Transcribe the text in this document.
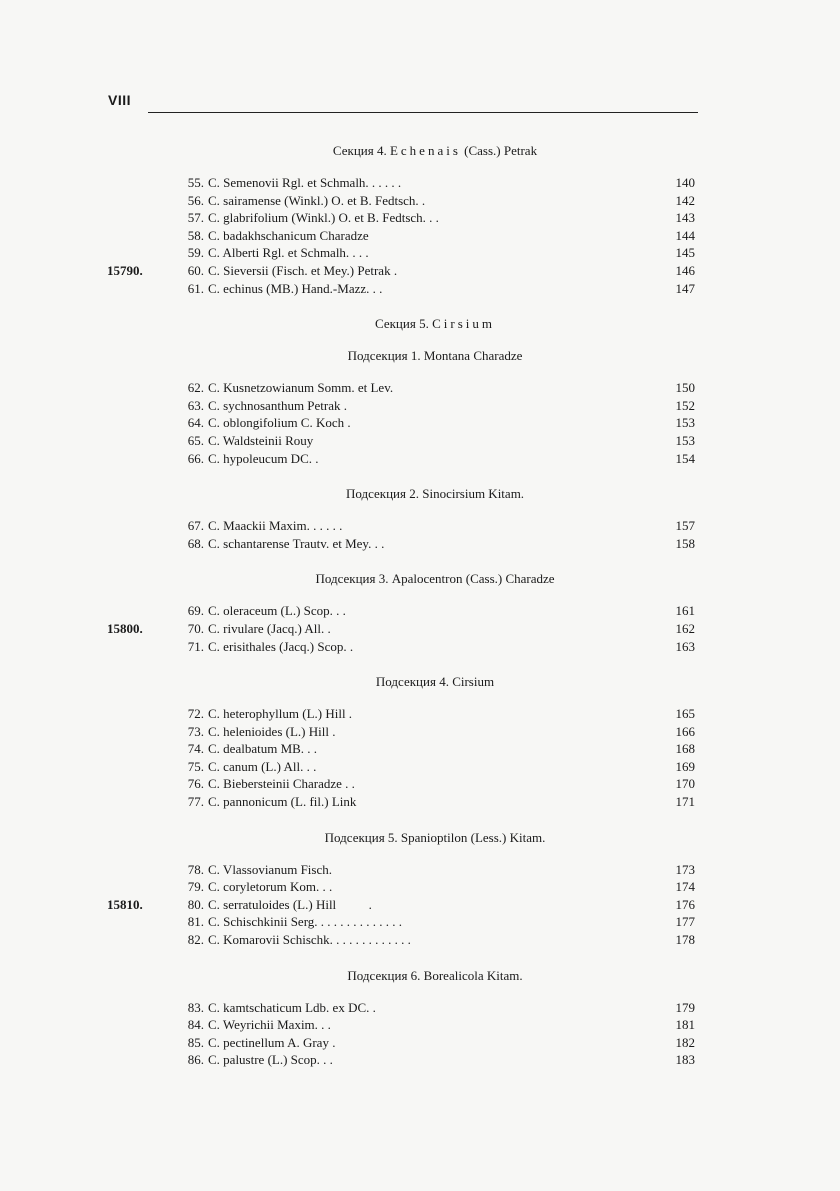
VIII
Секция 4. Echenais (Cass.) Petrak
55. C. Semenovii Rgl. et Schmalh. . . . . .	140
56. C. sairamense (Winkl.) O. et B. Fedtsch. .	142
57. C. glabrifolium (Winkl.) O. et B. Fedtsch. . .	143
58. C. badakhschanicum Charadze	144
59. C. Alberti Rgl. et Schmalh. . . .	145
15790.	60. C. Sieversii (Fisch. et Mey.) Petrak .	146
61. C. echinus (MB.) Hand.-Mazz. . .	147
Секция 5. Cirsium
Подсекция 1. Montana Charadze
62. C. Kusnetzowianum Somm. et Lev.	150
63. C. sychnosanthum Petrak .	152
64. C. oblongifolium C. Koch .	153
65. C. Waldsteinii Rouy	153
66. C. hypoleucum DC. .	154
Подсекция 2. Sinocirsium Kitam.
67. C. Maackii Maxim. . . . . .	157
68. C. schantarense Trautv. et Mey. . .	158
Подсекция 3. Apalocentron (Cass.) Charadze
69. C. oleraceum (L.) Scop. . .	161
15800.	70. C. rivulare (Jacq.) All. .	162
71. C. erisithales (Jacq.) Scop. .	163
Подсекция 4. Cirsium
72. C. heterophyllum (L.) Hill .	165
73. C. helenioides (L.) Hill .	166
74. C. dealbatum MB. . .	168
75. C. canum (L.) All. . .	169
76. C. Biebersteinii Charadze . .	170
77. C. pannonicum (L. fil.) Link	171
Подсекция 5. Spanioptilon (Less.) Kitam.
78. C. Vlassovianum Fisch.	173
79. C. coryletorum Kom. . .	174
15810.	80. C. serratuloides (L.) Hill          .	176
81. C. Schischkinii Serg. . . . . . . . . . . . . .	177
82. C. Komarovii Schischk. . . . . . . . . . . . .	178
Подсекция 6. Borealicola Kitam.
83. C. kamtschaticum Ldb. ex DC. .	179
84. C. Weyrichii Maxim. . .	181
85. C. pectinellum A. Gray .	182
86. C. palustre (L.) Scop. . .	183
